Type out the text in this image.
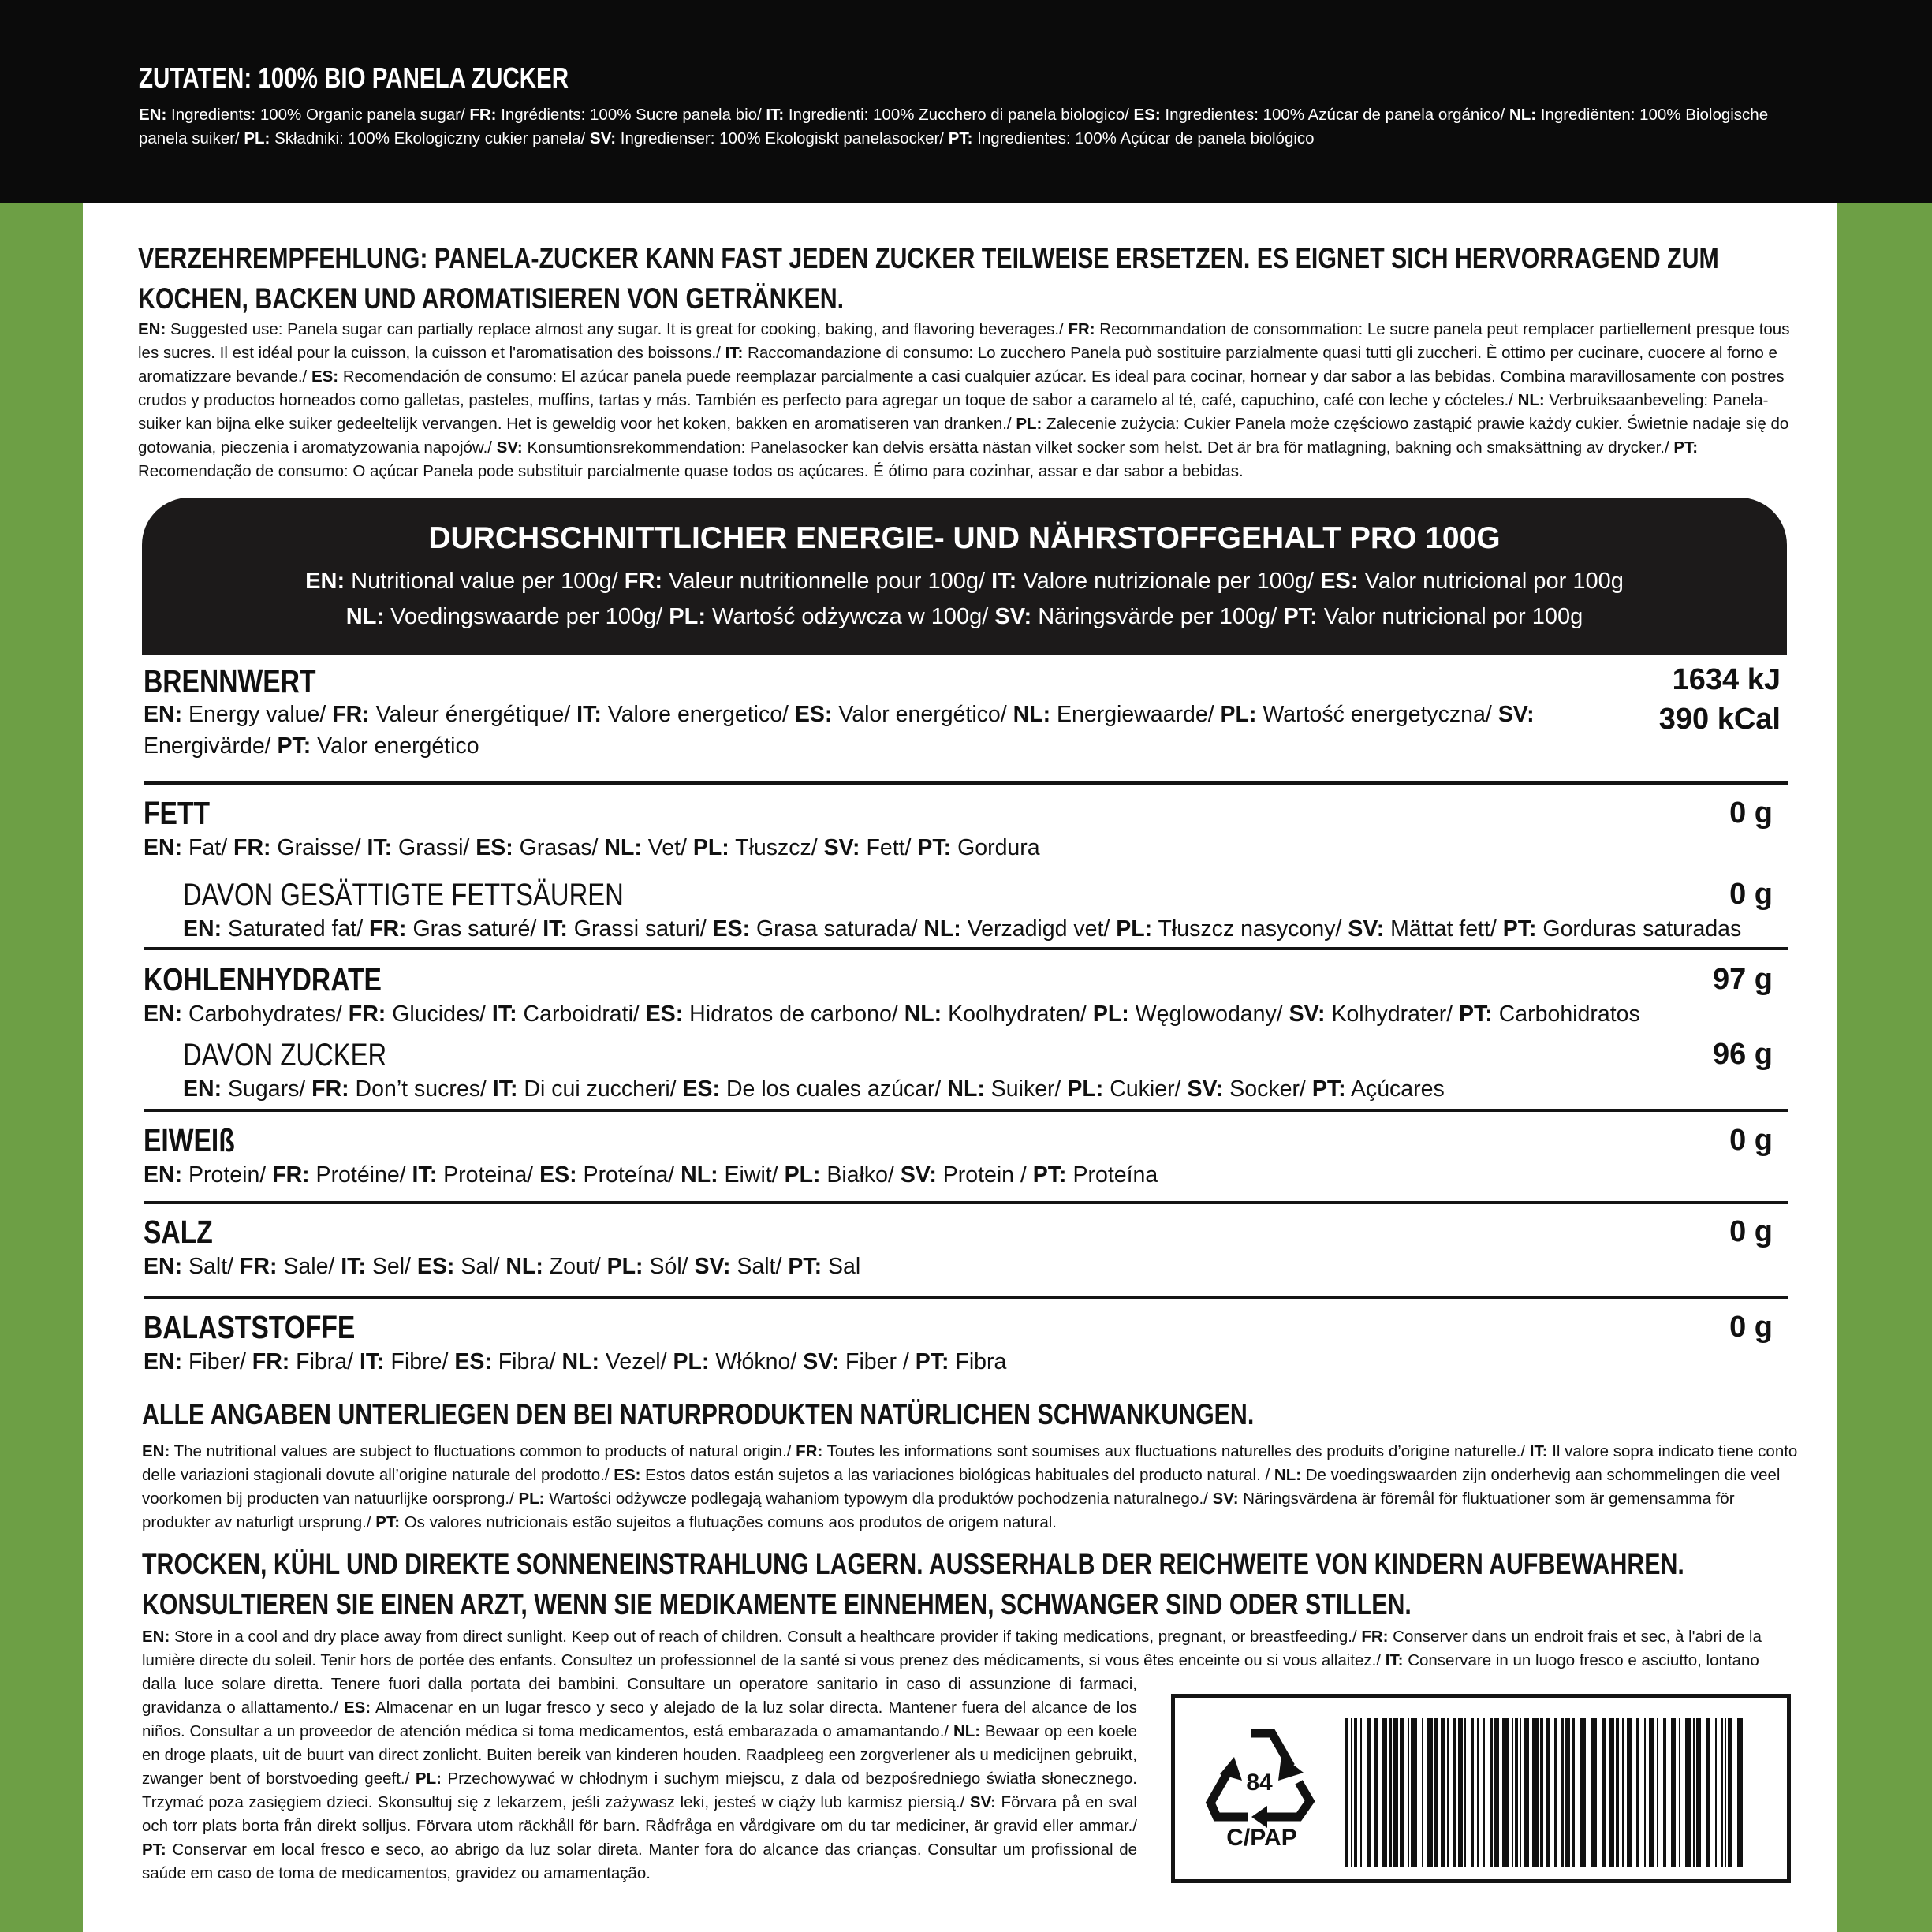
ZUTATEN: 100% BIO PANELA ZUCKER
EN: Ingredients: 100% Organic panela sugar/ FR: Ingrédients: 100% Sucre panela bio/ IT: Ingredienti: 100% Zucchero di panela biologico/ ES: Ingredientes: 100% Azúcar de panela orgánico/ NL: Ingrediënten: 100% Biologische panela suiker/ PL: Składniki: 100% Ekologiczny cukier panela/ SV: Ingredienser: 100% Ekologiskt panelasocker/ PT: Ingredientes: 100% Açúcar de panela biológico
VERZEHREMPFEHLUNG: PANELA-ZUCKER KANN FAST JEDEN ZUCKER TEILWEISE ERSETZEN. ES EIGNET SICH HERVORRAGEND ZUM KOCHEN, BACKEN UND AROMATISIEREN VON GETRÄNKEN.
EN: Suggested use: Panela sugar can partially replace almost any sugar. It is great for cooking, baking, and flavoring beverages./ FR: Recommandation de consommation: Le sucre panela peut remplacer partiellement presque tous les sucres. Il est idéal pour la cuisson, la cuisson et l'aromatisation des boissons./ IT: Raccomandazione di consumo: Lo zucchero Panela può sostituire parzialmente quasi tutti gli zuccheri. È ottimo per cucinare, cuocere al forno e aromatizzare bevande./ ES: Recomendación de consumo: El azúcar panela puede reemplazar parcialmente a casi cualquier azúcar. Es ideal para cocinar, hornear y dar sabor a las bebidas. Combina maravillosamente con postres crudos y productos horneados como galletas, pasteles, muffins, tartas y más. También es perfecto para agregar un toque de sabor a caramelo al té, café, capuchino, café con leche y cócteles./ NL: Verbruiksaanbeveling: Panela-suiker kan bijna elke suiker gedeeltelijk vervangen. Het is geweldig voor het koken, bakken en aromatiseren van dranken./ PL: Zalecenie zużycia: Cukier Panela może częściowo zastąpić prawie każdy cukier. Świetnie nadaje się do gotowania, pieczenia i aromatyzowania napojów./ SV: Konsumtionsrekommendation: Panelasocker kan delvis ersätta nästan vilket socker som helst. Det är bra för matlagning, bakning och smaksättning av drycker./ PT: Recomendação de consumo: O açúcar Panela pode substituir parcialmente quase todos os açúcares. É ótimo para cozinhar, assar e dar sabor a bebidas.
DURCHSCHNITTLICHER ENERGIE- UND NÄHRSTOFFGEHALT PRO 100G
EN: Nutritional value per 100g/ FR: Valeur nutritionnelle pour 100g/ IT: Valore nutrizionale per 100g/ ES: Valor nutricional por 100g
NL: Voedingswaarde per 100g/ PL: Wartość odżywcza w 100g/ SV: Näringsvärde per 100g/ PT: Valor nutricional por 100g
BRENNWERT
EN: Energy value/ FR: Valeur énergétique/ IT: Valore energetico/ ES: Valor energético/ NL: Energiewaarde/ PL: Wartość energetyczna/ SV: Energivärde/ PT: Valor energético
1634 kJ
390 kCal
FETT
EN: Fat/ FR: Graisse/ IT: Grassi/ ES: Grasas/ NL: Vet/ PL: Tłuszcz/ SV: Fett/ PT: Gordura
0 g
DAVON GESÄTTIGTE FETTSÄUREN
EN: Saturated fat/ FR: Gras saturé/ IT: Grassi saturi/ ES: Grasa saturada/ NL: Verzadigd vet/ PL: Tłuszcz nasycony/ SV: Mättat fett/ PT: Gorduras saturadas
0 g
KOHLENHYDRATE
EN: Carbohydrates/ FR: Glucides/ IT: Carboidrati/ ES: Hidratos de carbono/ NL: Koolhydraten/ PL: Węglowodany/ SV: Kolhydrater/ PT: Carbohidratos
97 g
DAVON ZUCKER
EN: Sugars/ FR: Don’t sucres/ IT: Di cui zuccheri/ ES: De los cuales azúcar/ NL: Suiker/ PL: Cukier/ SV: Socker/ PT: Açúcares
96 g
EIWEIß
EN: Protein/ FR: Protéine/ IT: Proteina/ ES: Proteína/ NL: Eiwit/ PL: Białko/ SV: Protein / PT: Proteína
0 g
SALZ
EN: Salt/ FR: Sale/ IT: Sel/ ES: Sal/ NL: Zout/ PL: Sól/ SV: Salt/ PT: Sal
0 g
BALASTSTOFFE
EN: Fiber/ FR: Fibra/ IT: Fibre/ ES: Fibra/ NL: Vezel/ PL: Włókno/ SV: Fiber / PT: Fibra
0 g
ALLE ANGABEN UNTERLIEGEN DEN BEI NATURPRODUKTEN NATÜRLICHEN SCHWANKUNGEN.
EN: The nutritional values are subject to fluctuations common to products of natural origin./ FR: Toutes les informations sont soumises aux fluctuations naturelles des produits d’origine naturelle./ IT: Il valore sopra indicato tiene conto delle variazioni stagionali dovute all’origine naturale del prodotto./ ES: Estos datos están sujetos a las variaciones biológicas habituales del producto natural. / NL: De voedingswaarden zijn onderhevig aan schommelingen die veel voorkomen bij producten van natuurlijke oorsprong./ PL: Wartości odżywcze podlegają wahaniom typowym dla produktów pochodzenia naturalnego./ SV: Näringsvärdena är föremål för fluktuationer som är gemensamma för produkter av naturligt ursprung./ PT: Os valores nutricionais estão sujeitos a flutuações comuns aos produtos de origem natural.
TROCKEN, KÜHL UND DIREKTE SONNENEINSTRAHLUNG LAGERN. AUSSERHALB DER REICHWEITE VON KINDERN AUFBEWAHREN. KONSULTIEREN SIE EINEN ARZT, WENN SIE MEDIKAMENTE EINNEHMEN, SCHWANGER SIND ODER STILLEN.
EN: Store in a cool and dry place away from direct sunlight. Keep out of reach of children. Consult a healthcare provider if taking medications, pregnant, or breastfeeding./ FR: Conserver dans un endroit frais et sec, à l'abri de la lumière directe du soleil. Tenir hors de portée des enfants. Consultez un professionnel de la santé si vous prenez des médicaments, si vous êtes enceinte ou si vous allaitez./ IT: Conservare in un luogo fresco e asciutto, lontano
dalla luce solare diretta. Tenere fuori dalla portata dei bambini. Consultare un operatore sanitario in caso di assunzione di farmaci, gravidanza o allattamento./ ES: Almacenar en un lugar fresco y seco y alejado de la luz solar directa. Mantener fuera del alcance de los niños. Consultar a un proveedor de atención médica si toma medicamentos, está embarazada o amamantando./ NL: Bewaar op een koele en droge plaats, uit de buurt van direct zonlicht. Buiten bereik van kinderen houden. Raadpleeg een zorgverlener als u medicijnen gebruikt, zwanger bent of borstvoeding geeft./ PL: Przechowywać w chłodnym i suchym miejscu, z dala od bezpośredniego światła słonecznego. Trzymać poza zasięgiem dzieci. Skonsultuj się z lekarzem, jeśli zażywasz leki, jesteś w ciąży lub karmisz piersią./ SV: Förvara på en sval och torr plats borta från direkt solljus. Förvara utom räckhåll för barn. Rådfråga en vårdgivare om du tar mediciner, är gravid eller ammar./ PT: Conservar em local fresco e seco, ao abrigo da luz solar direta. Manter fora do alcance das crianças. Consultar um profissional de saúde em caso de toma de medicamentos, gravidez ou amamentação.
84
C/PAP
